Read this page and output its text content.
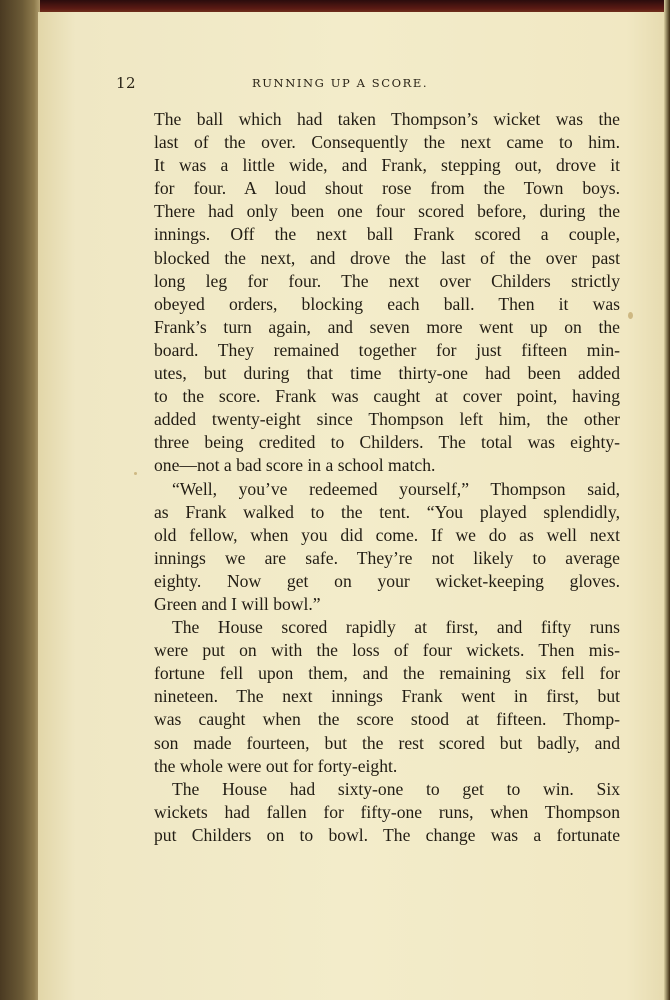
12	RUNNING UP A SCORE.
The ball which had taken Thompson’s wicket was the
last of the over. Consequently the next came to him.
It was a little wide, and Frank, stepping out, drove it
for four. A loud shout rose from the Town boys.
There had only been one four scored before, during the
innings. Off the next ball Frank scored a couple,
blocked the next, and drove the last of the over past
long leg for four. The next over Childers strictly
obeyed orders, blocking each ball. Then it was
Frank’s turn again, and seven more went up on the
board. They remained together for just fifteen min-
utes, but during that time thirty-one had been added
to the score. Frank was caught at cover point, having
added twenty-eight since Thompson left him, the other
three being credited to Childers. The total was eighty-
one—not a bad score in a school match.
“Well, you’ve redeemed yourself,” Thompson said,
as Frank walked to the tent. “You played splendidly,
old fellow, when you did come. If we do as well next
innings we are safe. They’re not likely to average
eighty. Now get on your wicket-keeping gloves.
Green and I will bowl.”
The House scored rapidly at first, and fifty runs
were put on with the loss of four wickets. Then mis-
fortune fell upon them, and the remaining six fell for
nineteen. The next innings Frank went in first, but
was caught when the score stood at fifteen. Thomp-
son made fourteen, but the rest scored but badly, and
the whole were out for forty-eight.
The House had sixty-one to get to win. Six
wickets had fallen for fifty-one runs, when Thompson
put Childers on to bowl. The change was a fortunate
